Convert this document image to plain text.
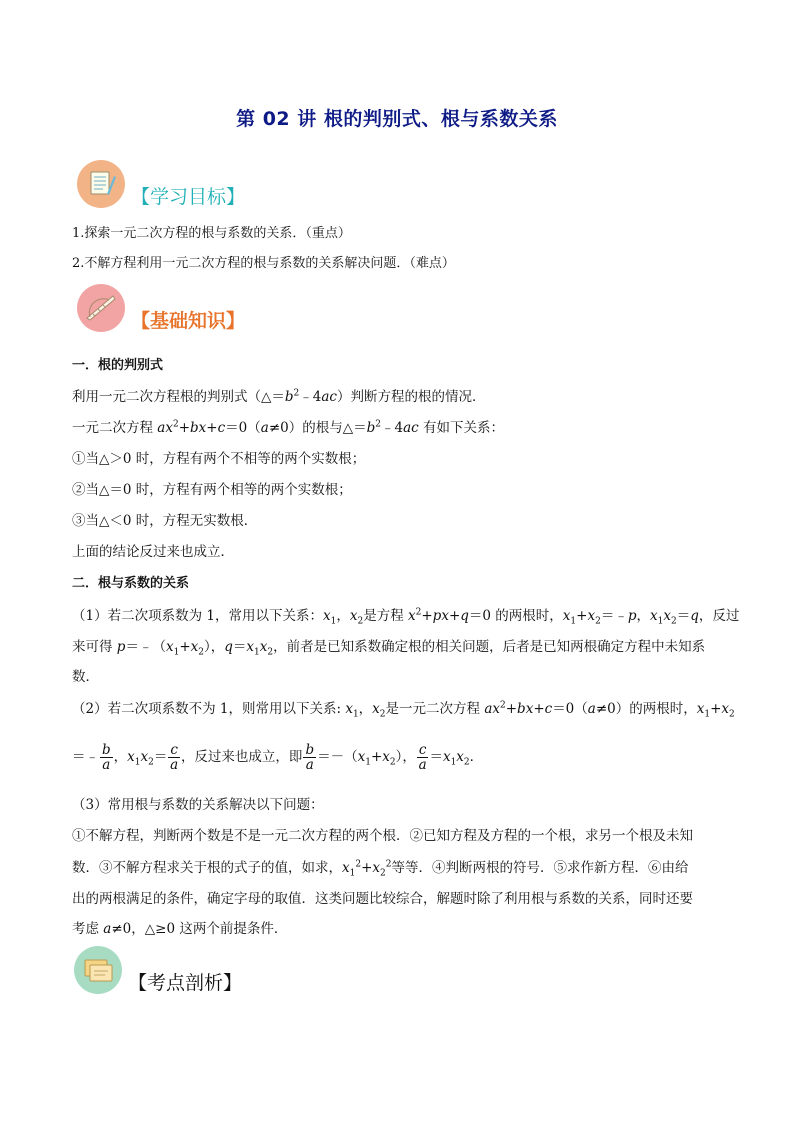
第 02 讲 根的判别式、根与系数关系
【学习目标】
1.探索一元二次方程的根与系数的关系．（重点）
2.不解方程利用一元二次方程的根与系数的关系解决问题．（难点）
【基础知识】
一．根的判别式
利用一元二次方程根的判别式$(\triangle=b^2﹣4ac)$判断方程的根的情况．
一元二次方程 $ax^2+bx+c=0(a\ne 0)$的根与$\triangle=b^2﹣4ac$ 有如下关系：
①当△＞0 时，方程有两个不相等的两个实数根；
②当△＝0 时，方程有两个相等的两个实数根；
③当△＜0 时，方程无实数根．
上面的结论反过来也成立．
二．根与系数的关系
（1）若二次项系数为 1，常用以下关系：$x_1$，$x_2$是方程 $x^2+px+q=0$ 的两根时，$x_1+x_2=﹣p$，$x_1x_2=q$，反过
来可得 $p=﹣(x_1+x_2)$，$q=x_1x_2$，前者是已知系数确定根的相关问题，后者是已知两根确定方程中未知系
数．
（2）若二次项系数不为 1，则常用以下关系: $x_1$，$x_2$是一元二次方程 $ax^2+bx+c=0(a\ne 0)$的两根时，$x_1+x_2$
＝﹣ $\frac{b}{a}$ ，$x_1x_2= \frac{c}{a}$ ，反过来也成立，即 $\frac{b}{a} =-(x_1+x_2)$， $\frac{c}{a} =x_1x_2$．
（3）常用根与系数的关系解决以下问题：
①不解方程，判断两个数是不是一元二次方程的两个根．②已知方程及方程的一个根，求另一个根及未知
数．③不解方程求关于根的式子的值，如求，$x_1^2+x_2^2$等等．④判断两根的符号．⑤求作新方程．⑥由给
出的两根满足的条件，确定字母的取值．这类问题比较综合，解题时除了利用根与系数的关系，同时还要
考虑 a≠0，△≥0 这两个前提条件．
【考点剖析】
